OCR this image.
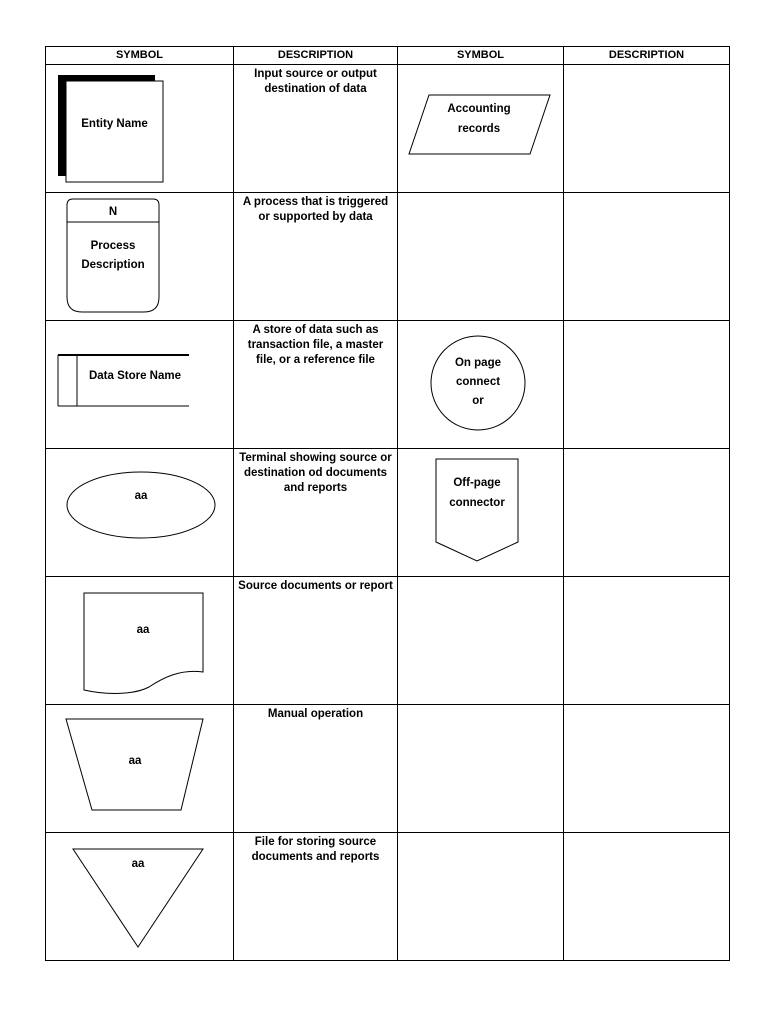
SYMBOL	DESCRIPTION	SYMBOL	DESCRIPTION

Entity Name	Input source or output destination of data	Accounting
records	

N
Process
Description	A process that is triggered or supported by data		

Data Store Name	A store of data such as transaction file, a master file, or a reference file	On page
connect
or	

aa	Terminal showing source or destination od documents and reports	Off-page
connector	

aa	Source documents or report		

aa	Manual operation		

aa	File for storing source documents and reports		
